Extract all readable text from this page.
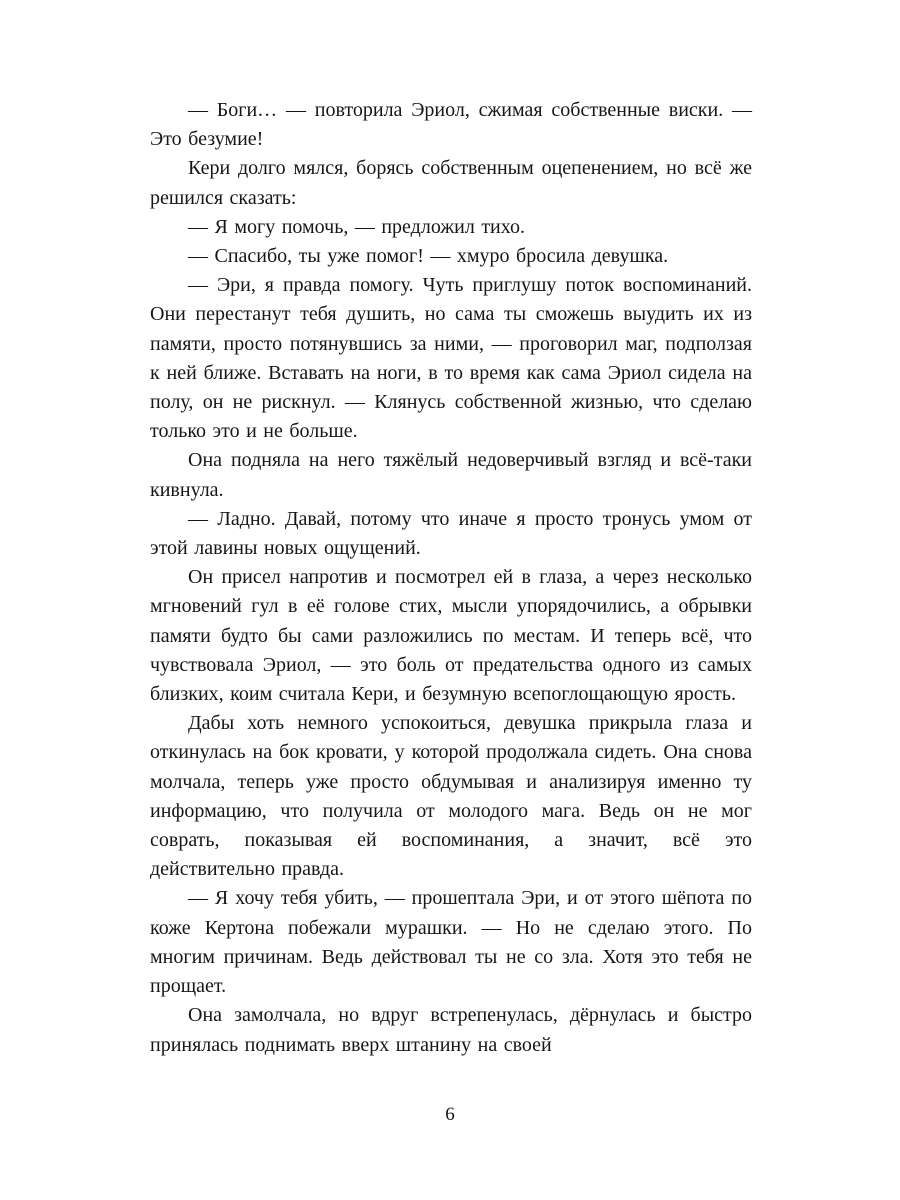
— Боги… — повторила Эриол, сжимая собственные виски. — Это безумие!

Кери долго мялся, борясь собственным оцепенением, но всё же решился сказать:

— Я могу помочь, — предложил тихо.

— Спасибо, ты уже помог! — хмуро бросила девушка.

— Эри, я правда помогу. Чуть приглушу поток воспоминаний. Они перестанут тебя душить, но сама ты сможешь выудить их из памяти, просто потянувшись за ними, — проговорил маг, подползая к ней ближе. Вставать на ноги, в то время как сама Эриол сидела на полу, он не рискнул. — Клянусь собственной жизнью, что сделаю только это и не больше.

Она подняла на него тяжёлый недоверчивый взгляд и всё-таки кивнула.

— Ладно. Давай, потому что иначе я просто тронусь умом от этой лавины новых ощущений.

Он присел напротив и посмотрел ей в глаза, а через несколько мгновений гул в её голове стих, мысли упорядочились, а обрывки памяти будто бы сами разложились по местам. И теперь всё, что чувствовала Эриол, — это боль от предательства одного из самых близких, коим считала Кери, и безумную всепоглощающую ярость.

Дабы хоть немного успокоиться, девушка прикрыла глаза и откинулась на бок кровати, у которой продолжала сидеть. Она снова молчала, теперь уже просто обдумывая и анализируя именно ту информацию, что получила от молодого мага. Ведь он не мог соврать, показывая ей воспоминания, а значит, всё это действительно правда.

— Я хочу тебя убить, — прошептала Эри, и от этого шёпота по коже Кертона побежали мурашки. — Но не сделаю этого. По многим причинам. Ведь действовал ты не со зла. Хотя это тебя не прощает.

Она замолчала, но вдруг встрепенулась, дёрнулась и быстро принялась поднимать вверх штанину на своей

6
